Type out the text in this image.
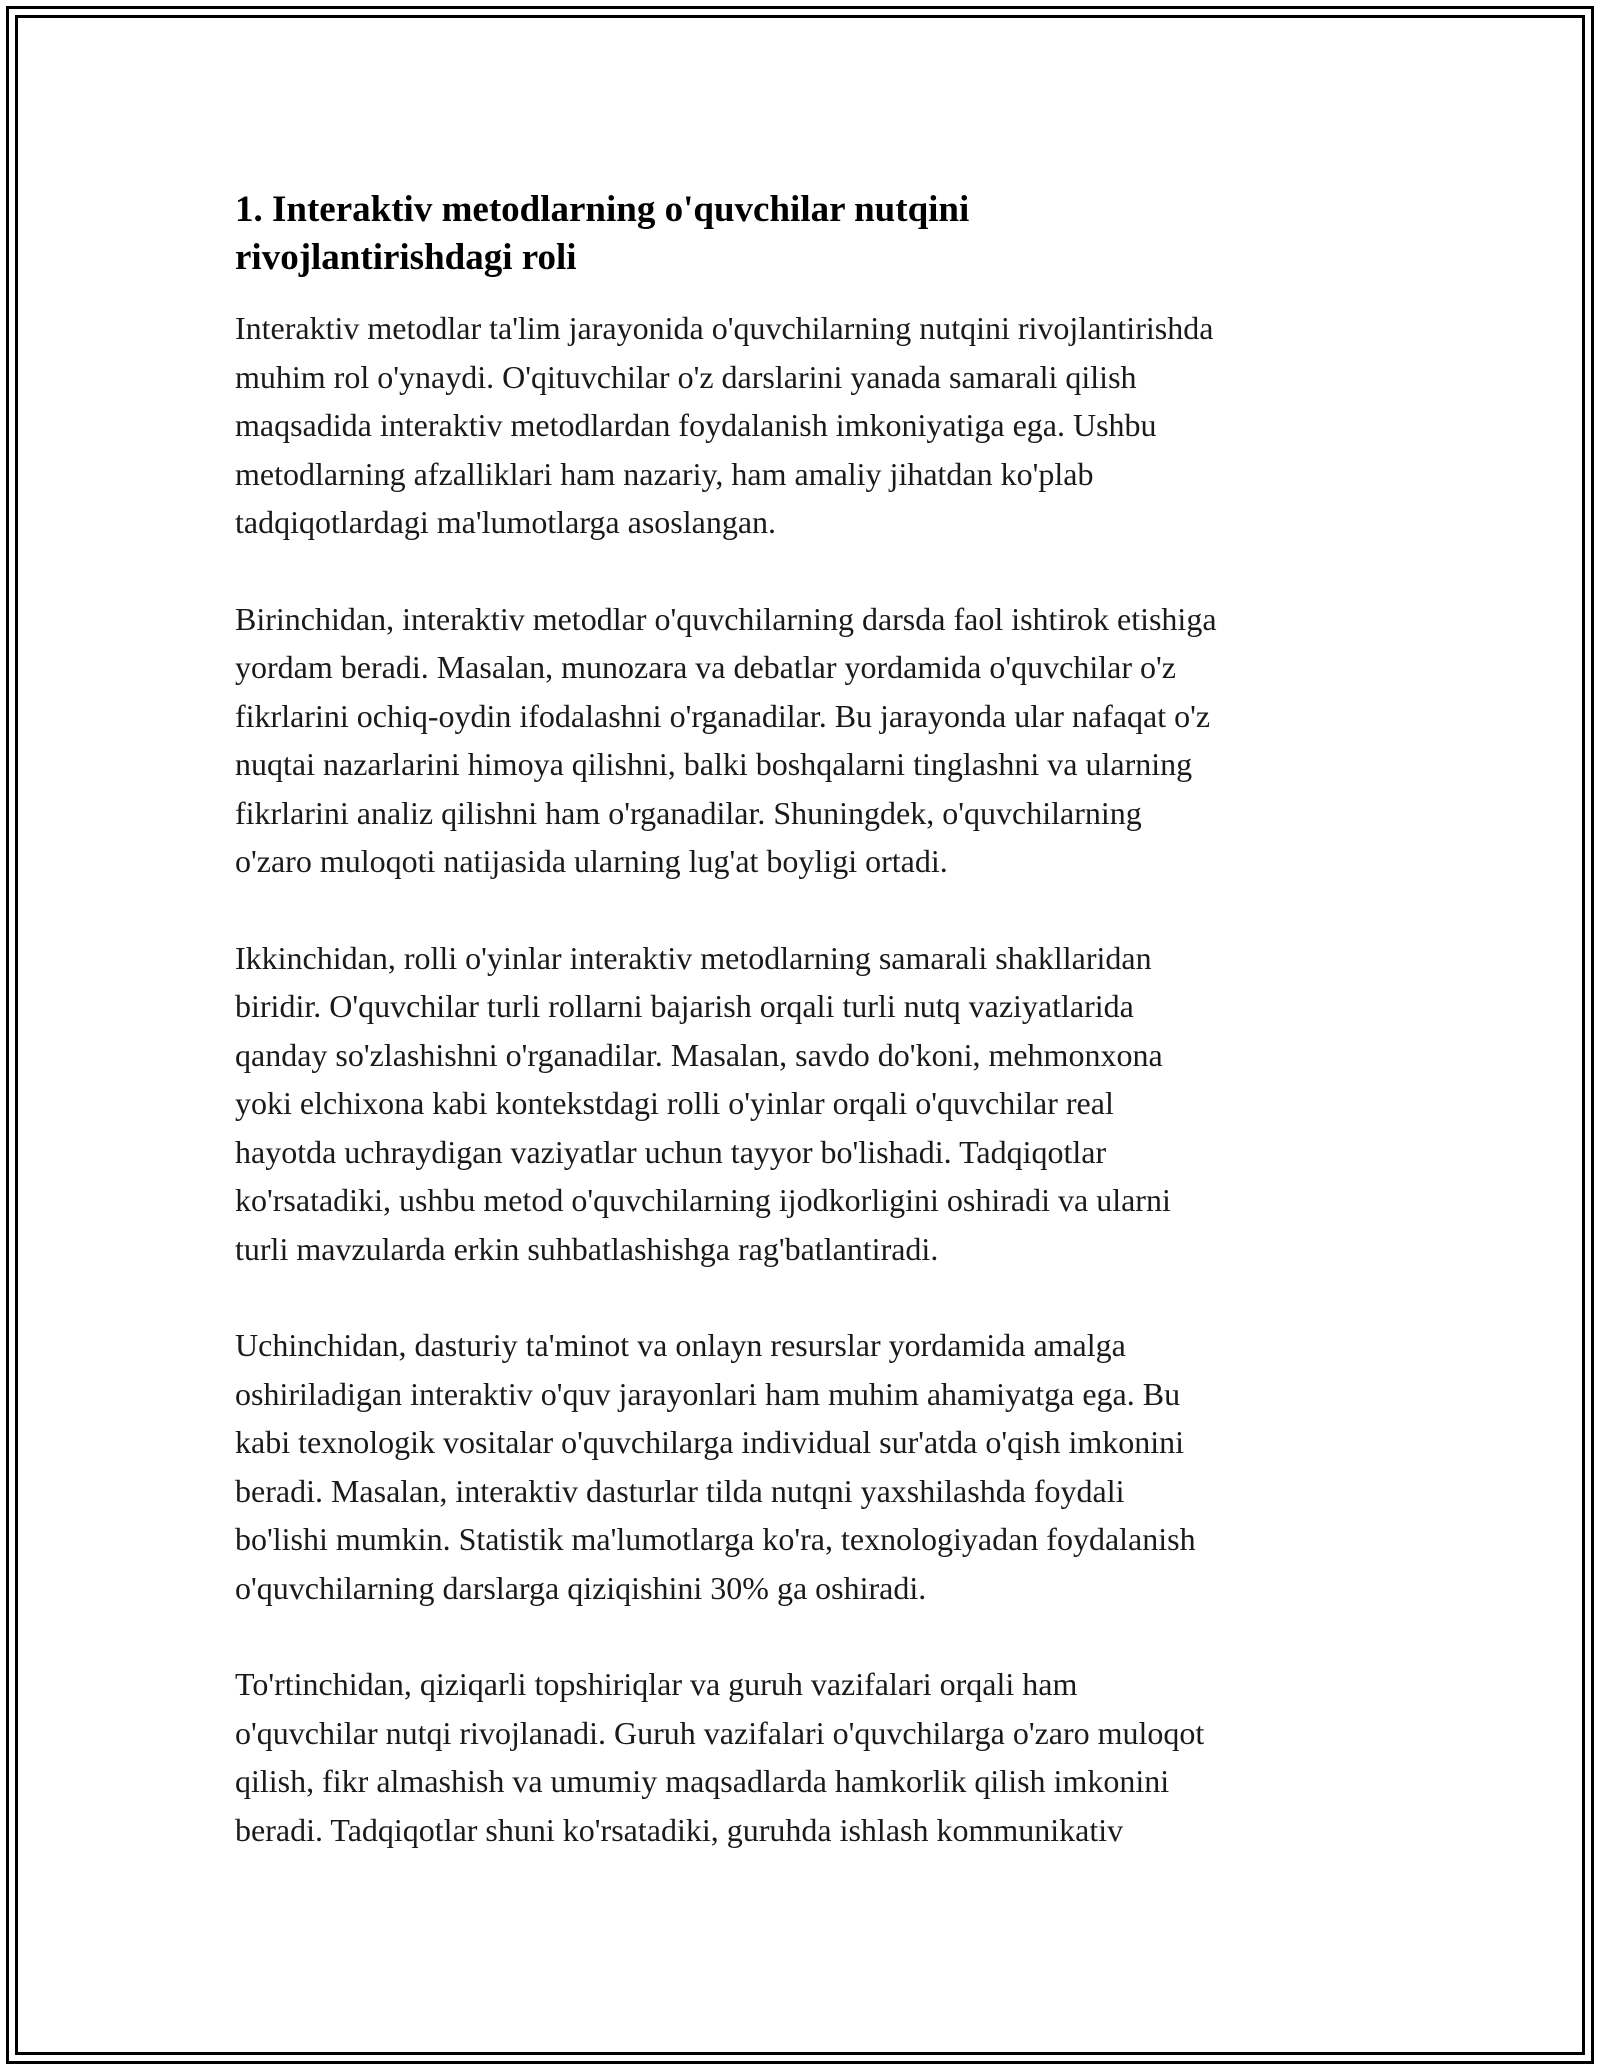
1. Interaktiv metodlarning o'quvchilar nutqini
rivojlantirishdagi roli

Interaktiv metodlar ta'lim jarayonida o'quvchilarning nutqini rivojlantirishda
muhim rol o'ynaydi. O'qituvchilar o'z darslarini yanada samarali qilish
maqsadida interaktiv metodlardan foydalanish imkoniyatiga ega. Ushbu
metodlarning afzalliklari ham nazariy, ham amaliy jihatdan ko'plab
tadqiqotlardagi ma'lumotlarga asoslangan.

Birinchidan, interaktiv metodlar o'quvchilarning darsda faol ishtirok etishiga
yordam beradi. Masalan, munozara va debatlar yordamida o'quvchilar o'z
fikrlarini ochiq-oydin ifodalashni o'rganadilar. Bu jarayonda ular nafaqat o'z
nuqtai nazarlarini himoya qilishni, balki boshqalarni tinglashni va ularning
fikrlarini analiz qilishni ham o'rganadilar. Shuningdek, o'quvchilarning
o'zaro muloqoti natijasida ularning lug'at boyligi ortadi.

Ikkinchidan, rolli o'yinlar interaktiv metodlarning samarali shakllaridan
biridir. O'quvchilar turli rollarni bajarish orqali turli nutq vaziyatlarida
qanday so'zlashishni o'rganadilar. Masalan, savdo do'koni, mehmonxona
yoki elchixona kabi kontekstdagi rolli o'yinlar orqali o'quvchilar real
hayotda uchraydigan vaziyatlar uchun tayyor bo'lishadi. Tadqiqotlar
ko'rsatadiki, ushbu metod o'quvchilarning ijodkorligini oshiradi va ularni
turli mavzularda erkin suhbatlashishga rag'batlantiradi.

Uchinchidan, dasturiy ta'minot va onlayn resurslar yordamida amalga
oshiriladigan interaktiv o'quv jarayonlari ham muhim ahamiyatga ega. Bu
kabi texnologik vositalar o'quvchilarga individual sur'atda o'qish imkonini
beradi. Masalan, interaktiv dasturlar tilda nutqni yaxshilashda foydali
bo'lishi mumkin. Statistik ma'lumotlarga ko'ra, texnologiyadan foydalanish
o'quvchilarning darslarga qiziqishini 30% ga oshiradi.

To'rtinchidan, qiziqarli topshiriqlar va guruh vazifalari orqali ham
o'quvchilar nutqi rivojlanadi. Guruh vazifalari o'quvchilarga o'zaro muloqot
qilish, fikr almashish va umumiy maqsadlarda hamkorlik qilish imkonini
beradi. Tadqiqotlar shuni ko'rsatadiki, guruhda ishlash kommunikativ
